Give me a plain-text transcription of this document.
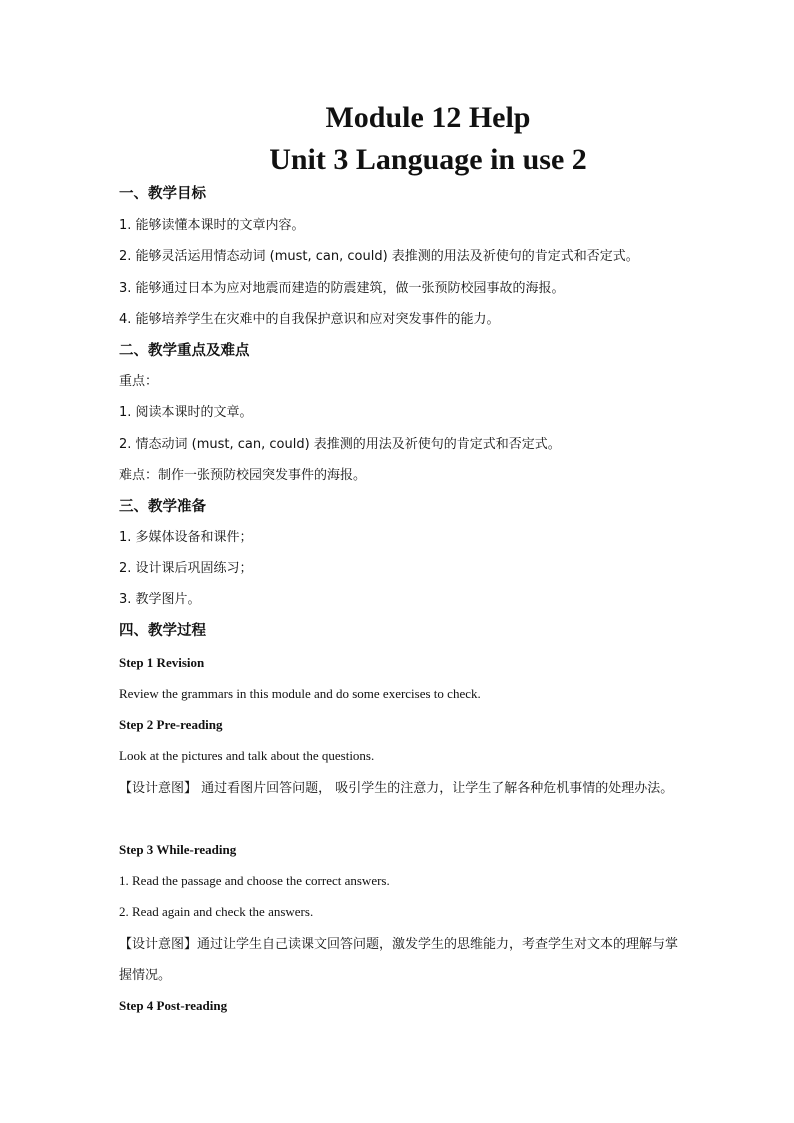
Module 12 Help
Unit 3 Language in use 2
一、教学目标
1. 能够读懂本课时的文章内容。
2. 能够灵活运用情态动词 (must, can, could) 表推测的用法及祈使句的肯定式和否定式。
3. 能够通过日本为应对地震而建造的防震建筑，做一张预防校园事故的海报。
4. 能够培养学生在灾难中的自我保护意识和应对突发事件的能力。
二、教学重点及难点
重点：
1. 阅读本课时的文章。
2. 情态动词 (must, can, could) 表推测的用法及祈使句的肯定式和否定式。
难点：制作一张预防校园突发事件的海报。
三、教学准备
1. 多媒体设备和课件；
2. 设计课后巩固练习；
3. 教学图片。
四、教学过程
Step 1 Revision
Review the grammars in this module and do some exercises to check.
Step 2 Pre-reading
Look at the pictures and talk about the questions.
【设计意图】 通过看图片回答问题， 吸引学生的注意力，让学生了解各种危机事情的处理办法。
Step 3 While-reading
1. Read the passage and choose the correct answers.
2. Read again and check the answers.
【设计意图】通过让学生自己读课文回答问题，激发学生的思维能力，考查学生对文本的理解与掌握情况。
Step 4 Post-reading
